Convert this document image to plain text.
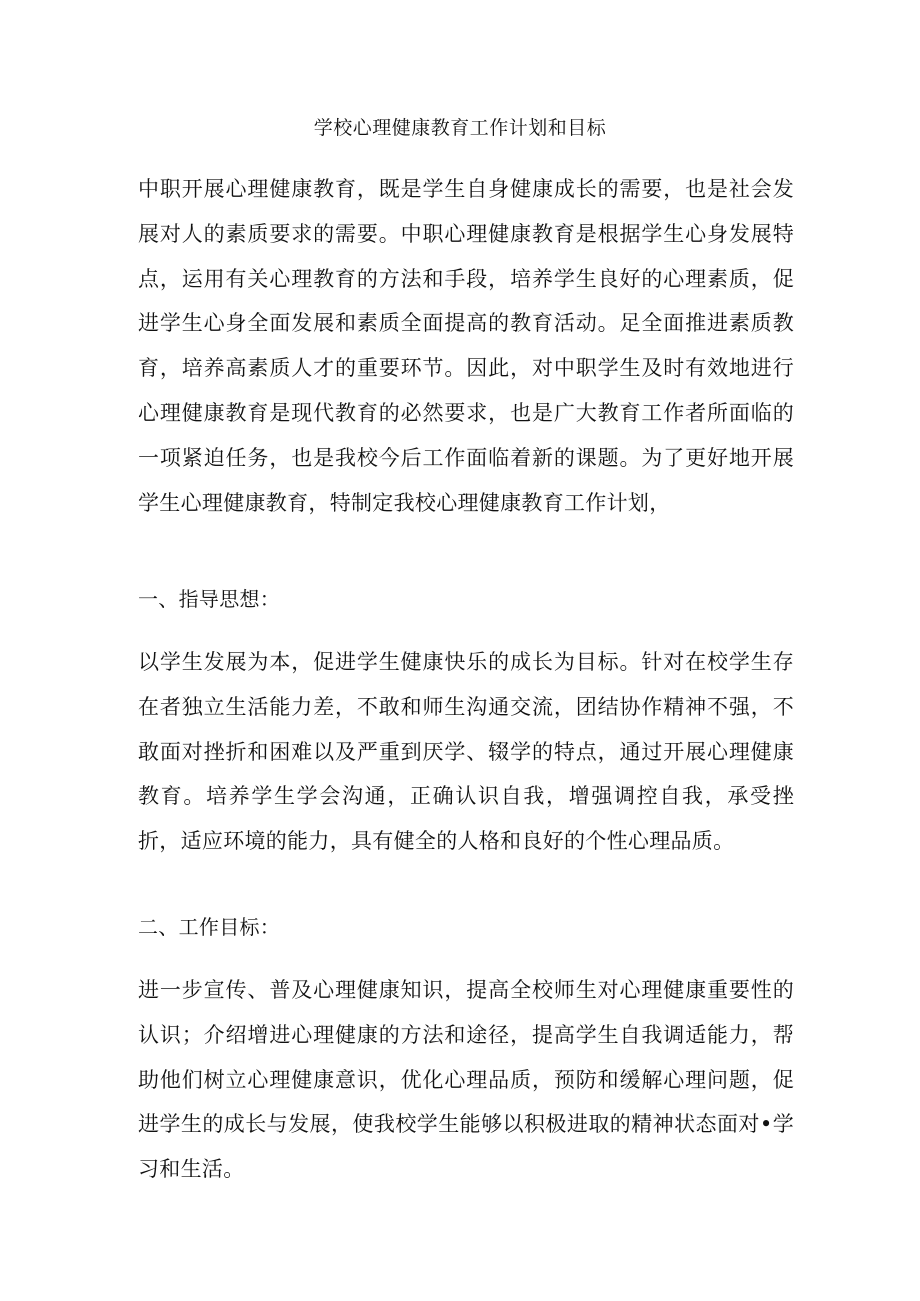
学校心理健康教育工作计划和目标
中职开展心理健康教育，既是学生自身健康成长的需要，也是社会发展对人的素质要求的需要。中职心理健康教育是根据学生心身发展特点，运用有关心理教育的方法和手段，培养学生良好的心理素质，促进学生心身全面发展和素质全面提高的教育活动。足全面推进素质教育，培养高素质人才的重要环节。因此，对中职学生及时有效地进行心理健康教育是现代教育的必然要求，也是广大教育工作者所面临的一项紧迫任务，也是我校今后工作面临着新的课题。为了更好地开展学生心理健康教育，特制定我校心理健康教育工作计划，
一、指导思想：
以学生发展为本，促进学生健康快乐的成长为目标。针对在校学生存在者独立生活能力差，不敢和师生沟通交流，团结协作精神不强，不敢面对挫折和困难以及严重到厌学、辍学的特点，通过开展心理健康教育。培养学生学会沟通，正确认识自我，增强调控自我，承受挫折，适应环境的能力，具有健全的人格和良好的个性心理品质。
二、工作目标：
进一步宣传、普及心理健康知识，提高全校师生对心理健康重要性的认识；介绍增进心理健康的方法和途径，提高学生自我调适能力，帮助他们树立心理健康意识，优化心理品质，预防和缓解心理问题，促进学生的成长与发展，使我校学生能够以积极进取的精神状态面对•学习和生活。
